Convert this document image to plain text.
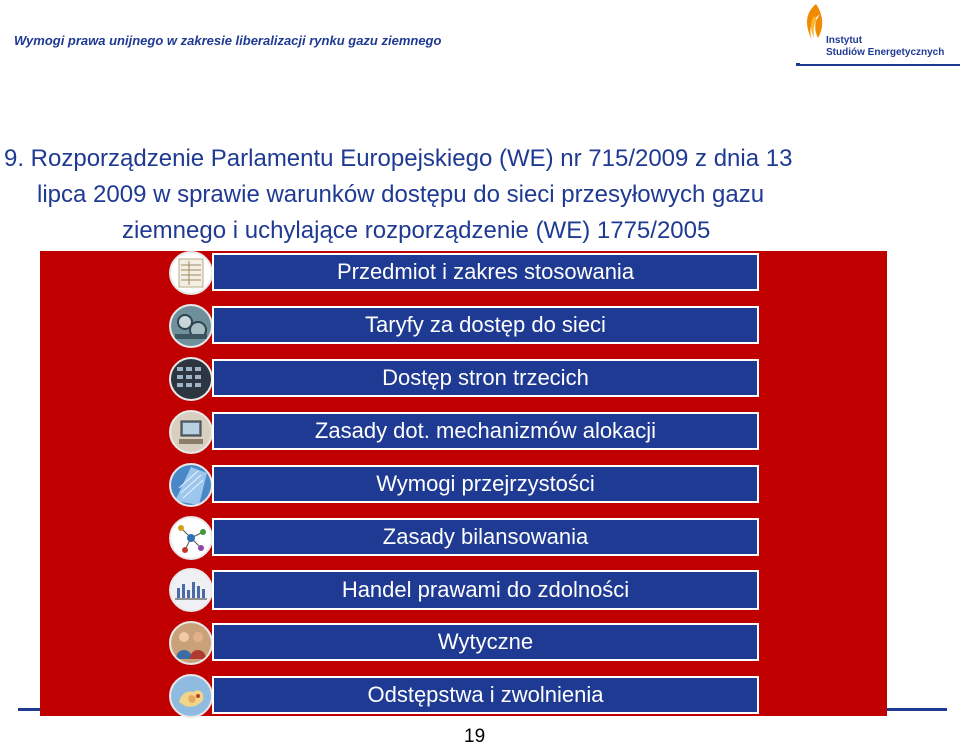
Wymogi prawa unijnego w zakresie liberalizacji rynku gazu ziemnego	Instytut
Studiów Energetycznych
9. Rozporządzenie Parlamentu Europejskiego (WE) nr 715/2009 z dnia 13
lipca 2009 w sprawie warunków dostępu do sieci przesyłowych gazu
ziemnego i uchylające rozporządzenie (WE) 1775/2005
Przedmiot i zakres stosowania
Taryfy za dostęp do sieci
Dostęp stron trzecich
Zasady dot. mechanizmów alokacji
Wymogi przejrzystości
Zasady bilansowania
Handel prawami do zdolności
Wytyczne
Odstępstwa i zwolnienia
19
